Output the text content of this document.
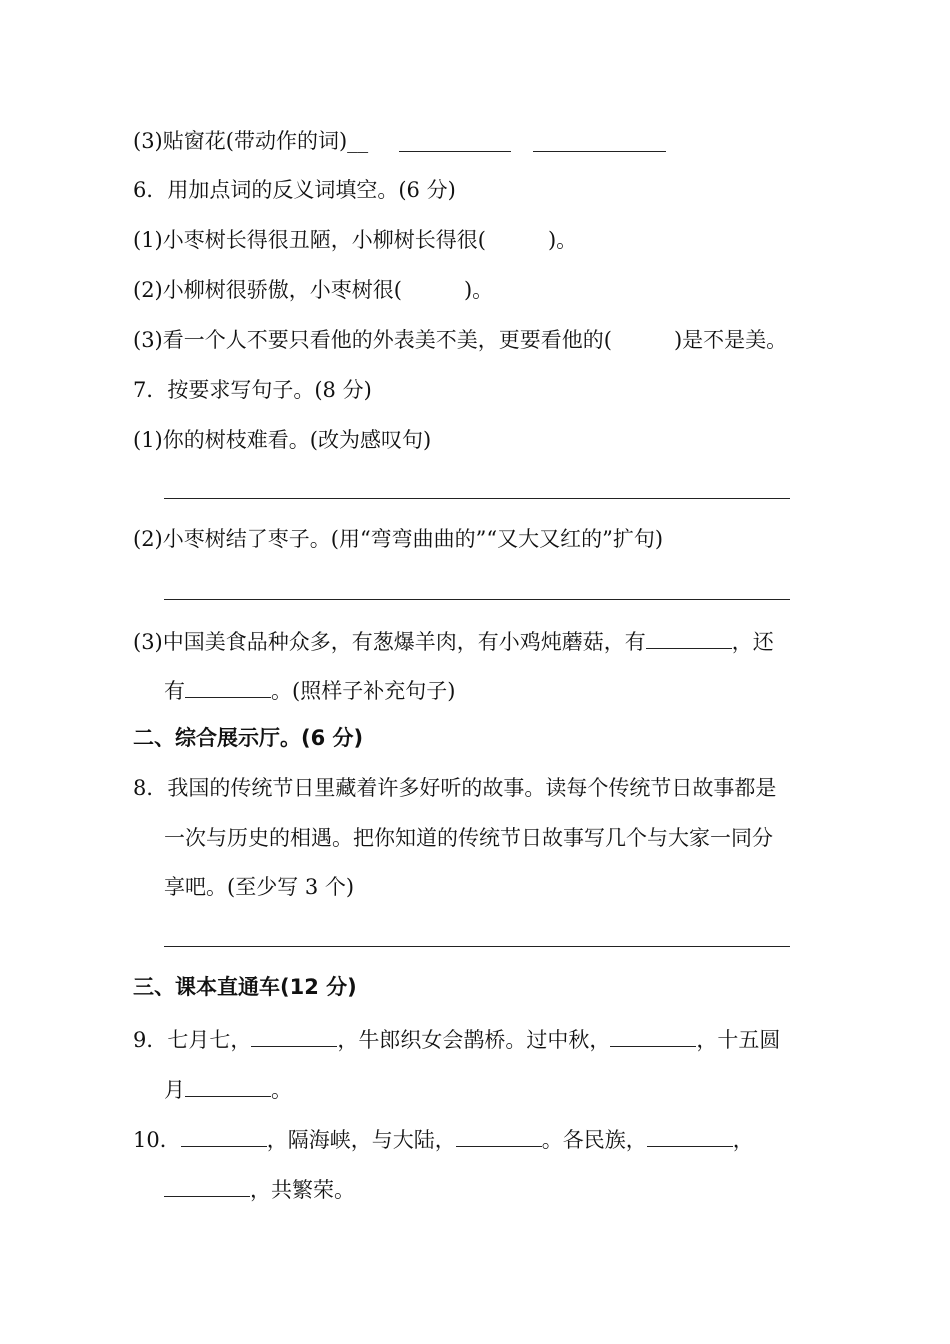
(3)贴窗花(带动作的词)__
6．用加点词的反义词填空。(6 分)
(1)小枣树长得很丑陋，小柳树长得很(	)。
(2)小柳树很骄傲，小枣树很(	)。
(3)看一个人不要只看他的外表美不美，更要看他的(	)是不是美。
7．按要求写句子。(8 分)
(1)你的树枝难看。(改为感叹句)
(2)小枣树结了枣子。(用“弯弯曲曲的”“又大又红的”扩句)
(3)中国美食品种众多，有葱爆羊肉，有小鸡炖蘑菇，有	，还
有	。(照样子补充句子)
二、综合展示厅。(6 分)
8．我国的传统节日里藏着许多好听的故事。读每个传统节日故事都是
一次与历史的相遇。把你知道的传统节日故事写几个与大家一同分
享吧。(至少写 3 个)
三、课本直通车(12 分)
9．七月七，	，牛郎织女会鹊桥。过中秋，	，十五圆
月	。
10．	，隔海峡，与大陆，	。各民族，	，
，共繁荣。
